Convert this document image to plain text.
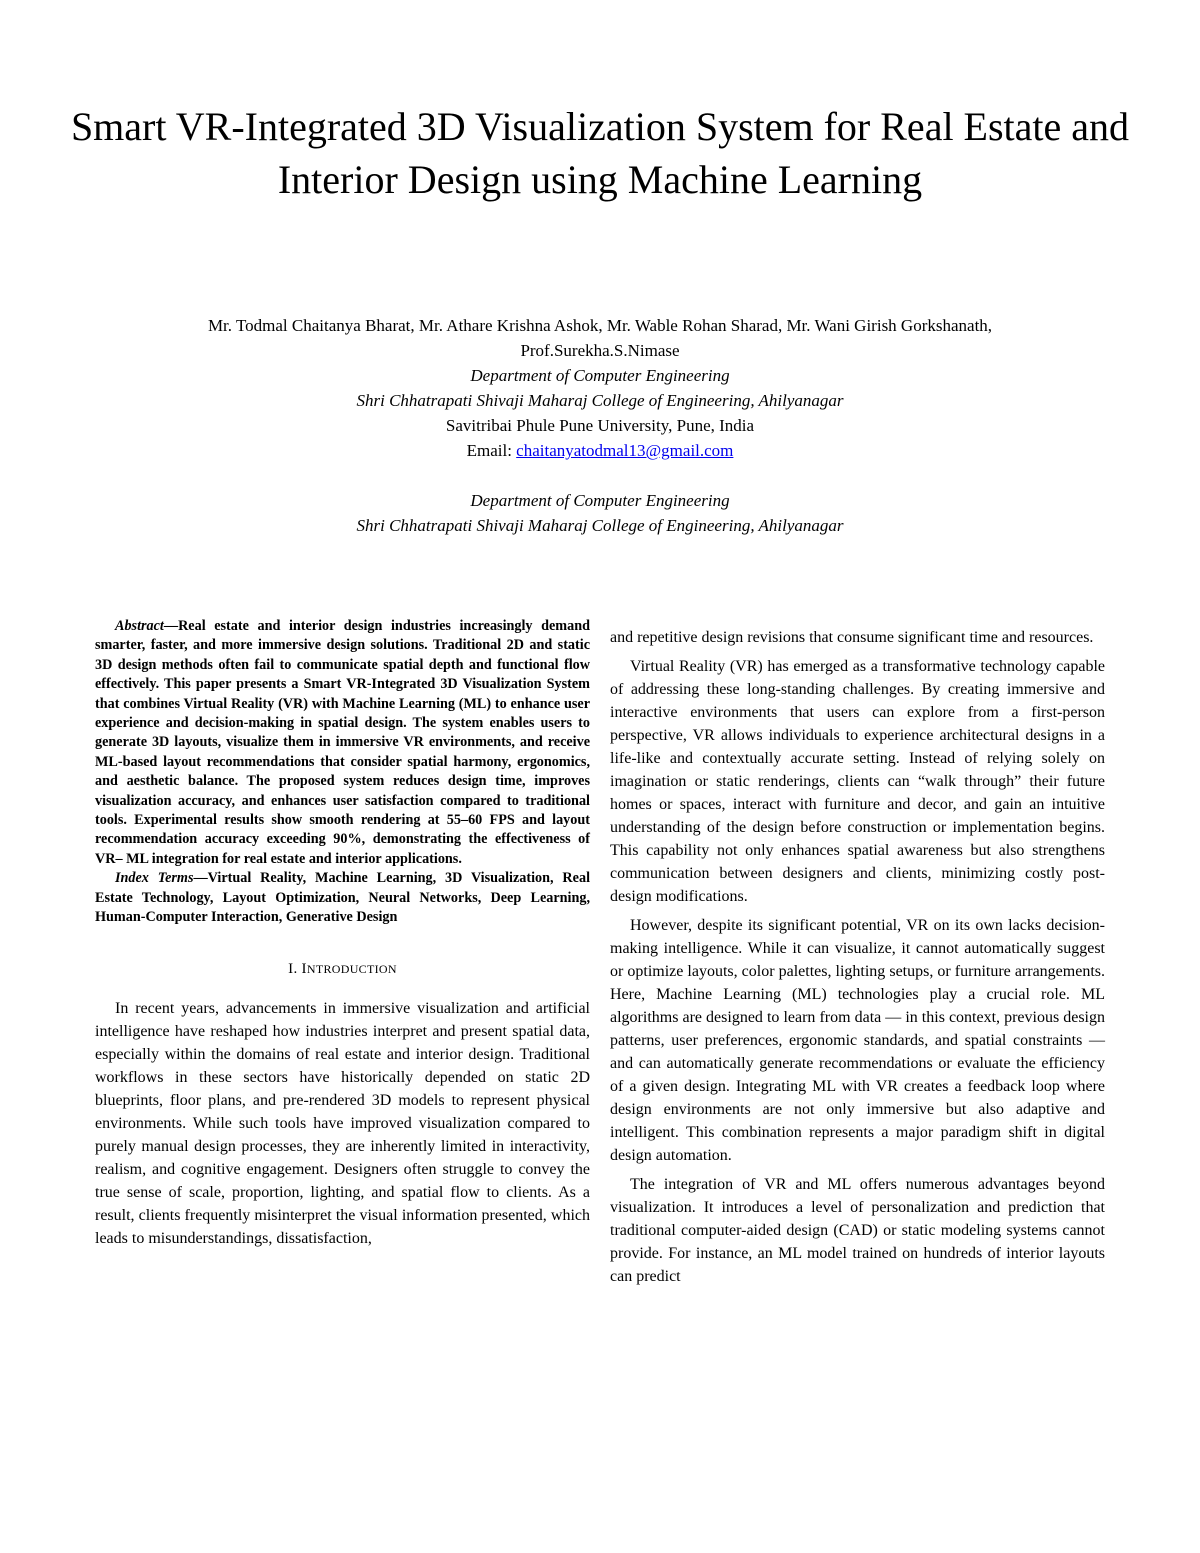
Smart VR-Integrated 3D Visualization System for Real Estate and Interior Design using Machine Learning
Mr. Todmal Chaitanya Bharat, Mr. Athare Krishna Ashok, Mr. Wable Rohan Sharad, Mr. Wani Girish Gorkshanath,
Prof.Surekha.S.Nimase
Department of Computer Engineering
Shri Chhatrapati Shivaji Maharaj College of Engineering, Ahilyanagar
Savitribai Phule Pune University, Pune, India
Email: chaitanyatodmal13@gmail.com
Department of Computer Engineering
Shri Chhatrapati Shivaji Maharaj College of Engineering, Ahilyanagar

Abstract—Real estate and interior design industries increasingly demand smarter, faster, and more immersive design solutions. Traditional 2D and static 3D design methods often fail to communicate spatial depth and functional flow effectively. This paper presents a Smart VR-Integrated 3D Visualization System that combines Virtual Reality (VR) with Machine Learning (ML) to enhance user experience and decision-making in spatial design. The system enables users to generate 3D layouts, visualize them in immersive VR environments, and receive ML-based layout recommendations that consider spatial harmony, ergonomics, and aesthetic balance. The proposed system reduces design time, improves visualization accuracy, and enhances user satisfaction compared to traditional tools. Experimental results show smooth rendering at 55–60 FPS and layout recommendation accuracy exceeding 90%, demonstrating the effectiveness of VR– ML integration for real estate and interior applications.

Index Terms—Virtual Reality, Machine Learning, 3D Visualization, Real Estate Technology, Layout Optimization, Neural Networks, Deep Learning, Human-Computer Interaction, Generative Design

I. INTRODUCTION

In recent years, advancements in immersive visualization and artificial intelligence have reshaped how industries interpret and present spatial data, especially within the domains of real estate and interior design. Traditional workflows in these sectors have historically depended on static 2D blueprints, floor plans, and pre-rendered 3D models to represent physical environments. While such tools have improved visualization compared to purely manual design processes, they are inherently limited in interactivity, realism, and cognitive engagement. Designers often struggle to convey the true sense of scale, proportion, lighting, and spatial flow to clients. As a result, clients frequently misinterpret the visual information presented, which leads to misunderstandings, dissatisfaction,

and repetitive design revisions that consume significant time and resources.

Virtual Reality (VR) has emerged as a transformative technology capable of addressing these long-standing challenges. By creating immersive and interactive environments that users can explore from a first-person perspective, VR allows individuals to experience architectural designs in a life-like and contextually accurate setting. Instead of relying solely on imagination or static renderings, clients can “walk through” their future homes or spaces, interact with furniture and decor, and gain an intuitive understanding of the design before construction or implementation begins. This capability not only enhances spatial awareness but also strengthens communication between designers and clients, minimizing costly post-design modifications.

However, despite its significant potential, VR on its own lacks decision-making intelligence. While it can visualize, it cannot automatically suggest or optimize layouts, color palettes, lighting setups, or furniture arrangements. Here, Machine Learning (ML) technologies play a crucial role. ML algorithms are designed to learn from data — in this context, previous design patterns, user preferences, ergonomic standards, and spatial constraints — and can automatically generate recommendations or evaluate the efficiency of a given design. Integrating ML with VR creates a feedback loop where design environments are not only immersive but also adaptive and intelligent. This combination represents a major paradigm shift in digital design automation.

The integration of VR and ML offers numerous advantages beyond visualization. It introduces a level of personalization and prediction that traditional computer-aided design (CAD) or static modeling systems cannot provide. For instance, an ML model trained on hundreds of interior layouts can predict
